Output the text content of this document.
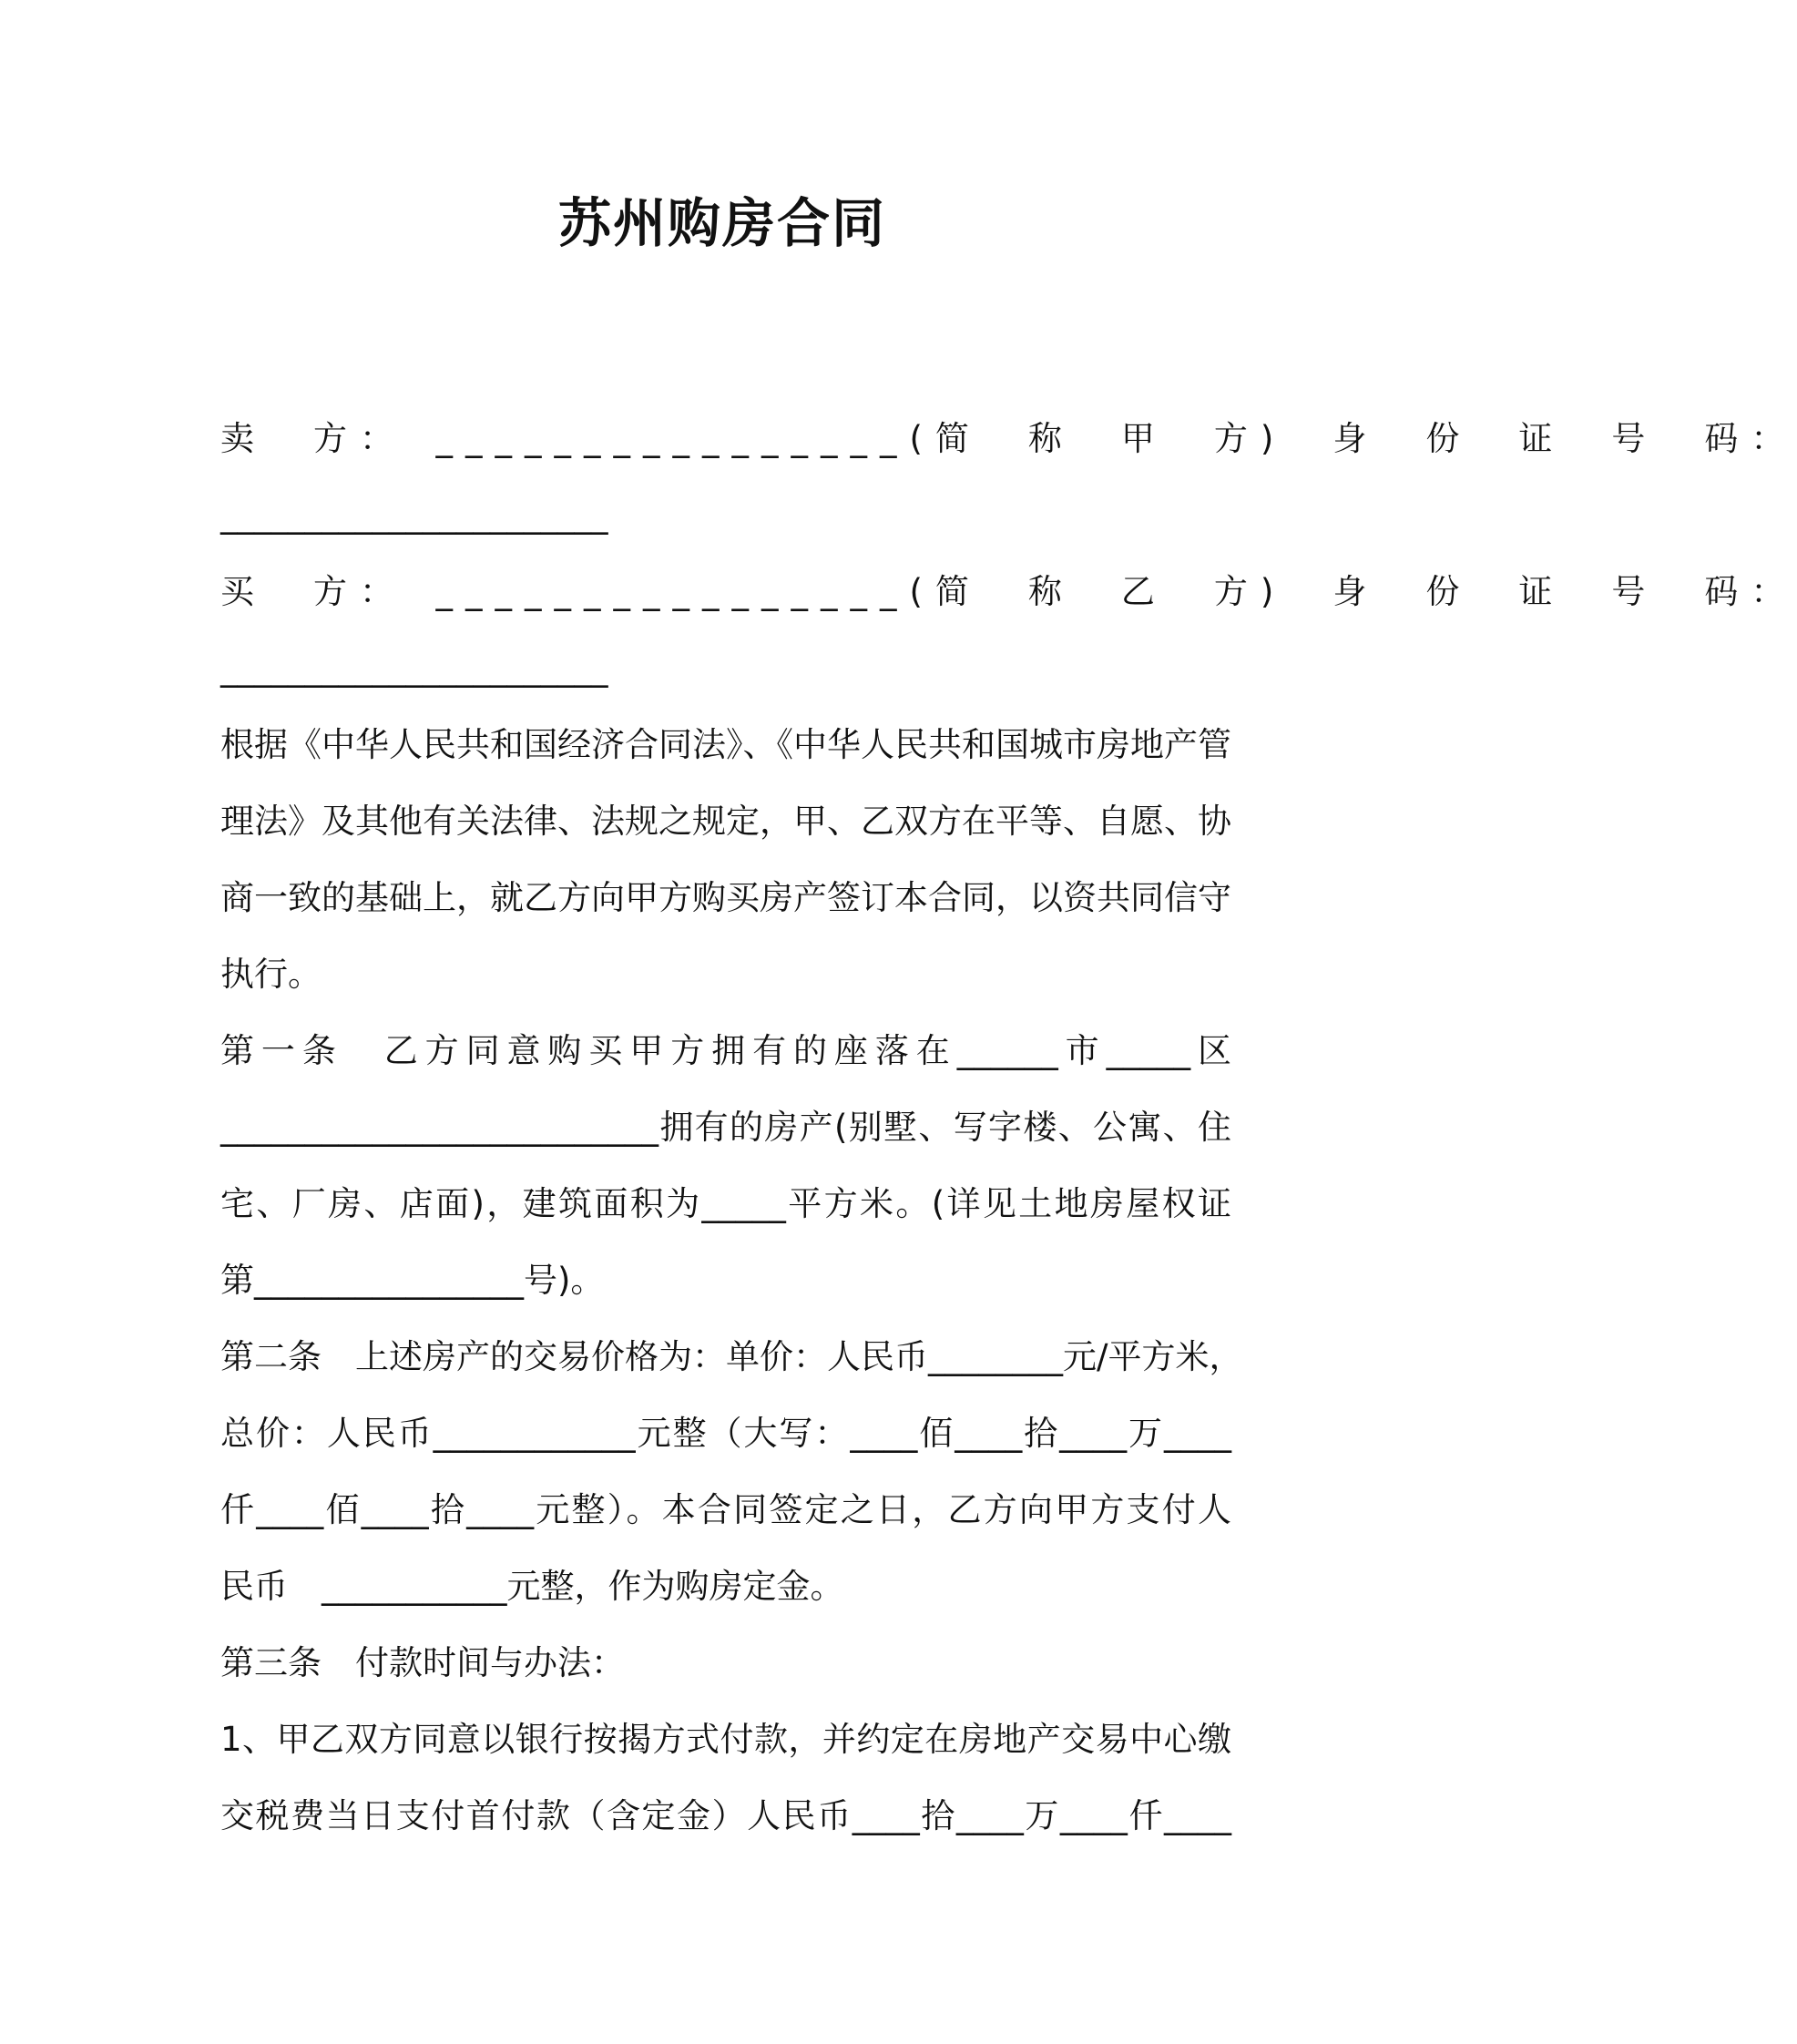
苏州购房合同
卖　方：　________________(简　称　甲　方)　身　份　证　号　码：
_______________________
买　方：　________________(简　称　乙　方)　身　份　证　号　码：
_______________________
根据《中华人民共和国经济合同法》、《中华人民共和国城市房地产管
理法》及其他有关法律、法规之规定，甲、乙双方在平等、自愿、协
商一致的基础上，就乙方向甲方购买房产签订本合同，以资共同信守
执行。
第一条　乙方同意购买甲方拥有的座落在______市_____区
__________________________拥有的房产(别墅、写字楼、公寓、住
宅、厂房、店面)，建筑面积为_____平方米。(详见土地房屋权证
第________________号)。
第二条　上述房产的交易价格为：单价：人民币________元/平方米，
总价：人民币____________元整（大写：____佰____拾____万____
仟____佰____拾____元整）。本合同签定之日，乙方向甲方支付人
民币　___________元整，作为购房定金。
第三条　付款时间与办法：
1、甲乙双方同意以银行按揭方式付款，并约定在房地产交易中心缴
交税费当日支付首付款（含定金）人民币____拾____万____仟____
